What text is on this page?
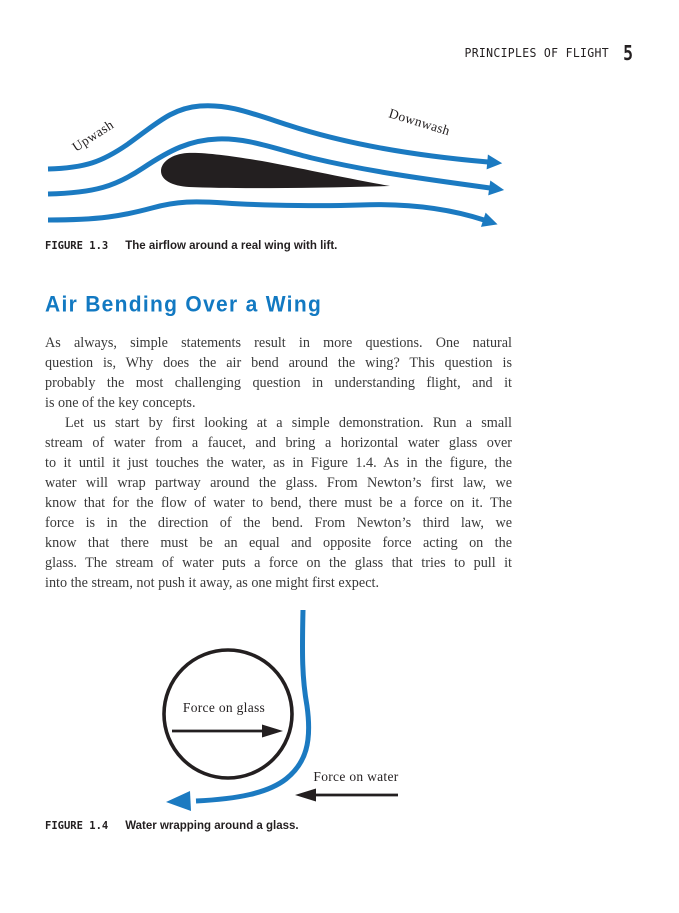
PRINCIPLES OF FLIGHT 5
Upwash	Downwash
FIGURE 1.3 The airflow around a real wing with lift.
Air Bending Over a Wing
As always, simple statements result in more questions. One natural
question is, Why does the air bend around the wing? This question is
probably the most challenging question in understanding flight, and it
is one of the key concepts.
Let us start by first looking at a simple demonstration. Run a small
stream of water from a faucet, and bring a horizontal water glass over
to it until it just touches the water, as in Figure 1.4. As in the figure, the
water will wrap partway around the glass. From Newton’s first law, we
know that for the flow of water to bend, there must be a force on it. The
force is in the direction of the bend. From Newton’s third law, we
know that there must be an equal and opposite force acting on the
glass. The stream of water puts a force on the glass that tries to pull it
into the stream, not push it away, as one might first expect.
Force on glass
Force on water
FIGURE 1.4 Water wrapping around a glass.
